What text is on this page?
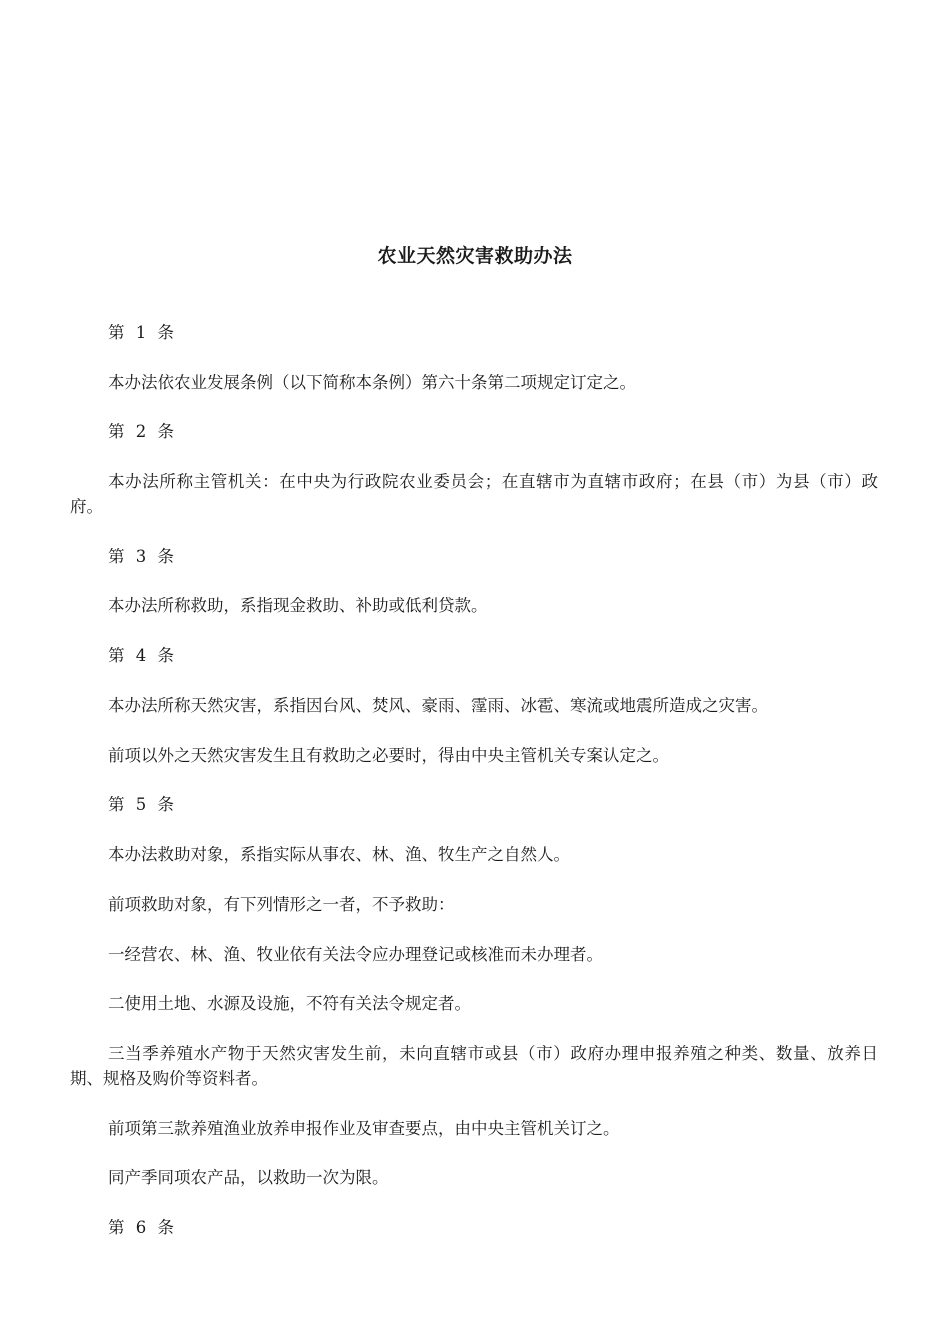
农业天然灾害救助办法

第 1 条

本办法依农业发展条例（以下简称本条例）第六十条第二项规定订定之。

第 2 条

本办法所称主管机关：在中央为行政院农业委员会；在直辖市为直辖市政府；在县（市）为县（市）政府。

第 3 条

本办法所称救助，系指现金救助、补助或低利贷款。

第 4 条

本办法所称天然灾害，系指因台风、焚风、豪雨、霪雨、冰雹、寒流或地震所造成之灾害。

前项以外之天然灾害发生且有救助之必要时，得由中央主管机关专案认定之。

第 5 条

本办法救助对象，系指实际从事农、林、渔、牧生产之自然人。

前项救助对象，有下列情形之一者，不予救助：

一经营农、林、渔、牧业依有关法令应办理登记或核准而未办理者。

二使用土地、水源及设施，不符有关法令规定者。

三当季养殖水产物于天然灾害发生前，未向直辖市或县（市）政府办理申报养殖之种类、数量、放养日期、规格及购价等资料者。

前项第三款养殖渔业放养申报作业及审查要点，由中央主管机关订之。

同产季同项农产品，以救助一次为限。

第 6 条
